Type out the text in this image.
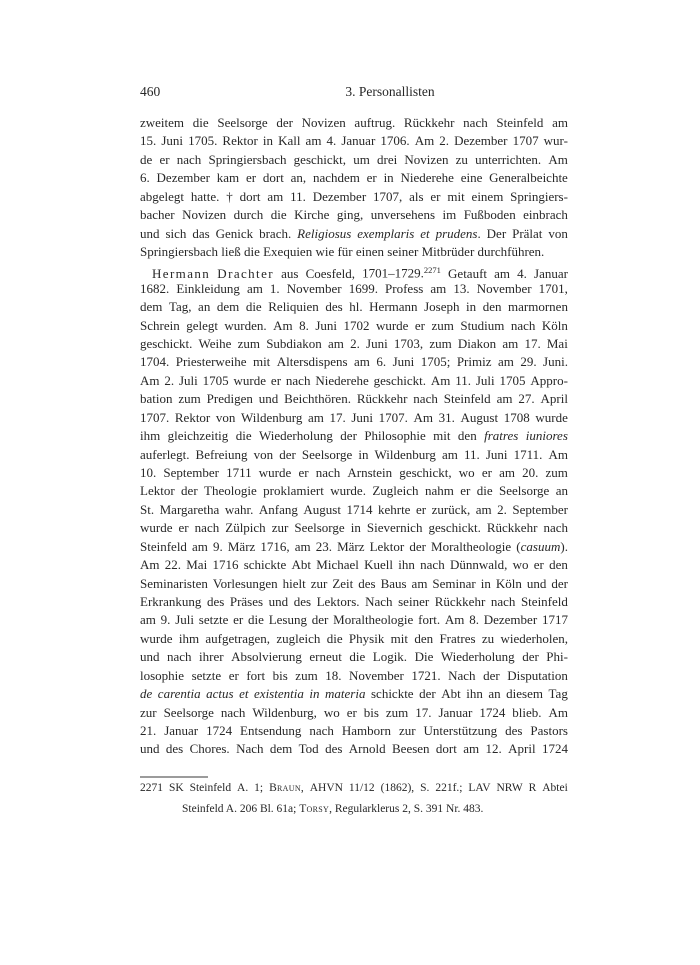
460	3. Personallisten
zweitem die Seelsorge der Novizen auftrug. Rückkehr nach Steinfeld am
15. Juni 1705. Rektor in Kall am 4. Januar 1706. Am 2. Dezember 1707 wur-
de er nach Springiersbach geschickt, um drei Novizen zu unterrichten. Am
6. Dezember kam er dort an, nachdem er in Niederehe eine Generalbeichte
abgelegt hatte. † dort am 11. Dezember 1707, als er mit einem Springiers-
bacher Novizen durch die Kirche ging, unversehens im Fußboden einbrach
und sich das Genick brach. Religiosus exemplaris et prudens. Der Prälat von
Springiersbach ließ die Exequien wie für einen seiner Mitbrüder durchführen.
Hermann Drachter aus Coesfeld, 1701–1729.$^{2271}$ Getauft am 4. Januar
1682. Einkleidung am 1. November 1699. Profess am 13. November 1701,
dem Tag, an dem die Reliquien des hl. Hermann Joseph in den marmornen
Schrein gelegt wurden. Am 8. Juni 1702 wurde er zum Studium nach Köln
geschickt. Weihe zum Subdiakon am 2. Juni 1703, zum Diakon am 17. Mai
1704. Priesterweihe mit Altersdispens am 6. Juni 1705; Primiz am 29. Juni.
Am 2. Juli 1705 wurde er nach Niederehe geschickt. Am 11. Juli 1705 Appro-
bation zum Predigen und Beichthören. Rückkehr nach Steinfeld am 27. April
1707. Rektor von Wildenburg am 17. Juni 1707. Am 31. August 1708 wurde
ihm gleichzeitig die Wiederholung der Philosophie mit den fratres iuniores
auferlegt. Befreiung von der Seelsorge in Wildenburg am 11. Juni 1711. Am
10. September 1711 wurde er nach Arnstein geschickt, wo er am 20. zum
Lektor der Theologie proklamiert wurde. Zugleich nahm er die Seelsorge an
St. Margaretha wahr. Anfang August 1714 kehrte er zurück, am 2. September
wurde er nach Zülpich zur Seelsorge in Sievernich geschickt. Rückkehr nach
Steinfeld am 9. März 1716, am 23. März Lektor der Moraltheologie (casuum).
Am 22. Mai 1716 schickte Abt Michael Kuell ihn nach Dünnwald, wo er den
Seminaristen Vorlesungen hielt zur Zeit des Baus am Seminar in Köln und der
Erkrankung des Präses und des Lektors. Nach seiner Rückkehr nach Steinfeld
am 9. Juli setzte er die Lesung der Moraltheologie fort. Am 8. Dezember 1717
wurde ihm aufgetragen, zugleich die Physik mit den Fratres zu wiederholen,
und nach ihrer Absolvierung erneut die Logik. Die Wiederholung der Phi-
losophie setzte er fort bis zum 18. November 1721. Nach der Disputation
de carentia actus et existentia in materia schickte der Abt ihn an diesem Tag
zur Seelsorge nach Wildenburg, wo er bis zum 17. Januar 1724 blieb. Am
21. Januar 1724 Entsendung nach Hamborn zur Unterstützung des Pastors
und des Chores. Nach dem Tod des Arnold Beesen dort am 12. April 1724
2271 SK Steinfeld A. 1; Braun, AHVN 11/12 (1862), S. 221f.; LAV NRW R Abtei
Steinfeld A. 206 Bl. 61a; Torsy, Regularklerus 2, S. 391 Nr. 483.
